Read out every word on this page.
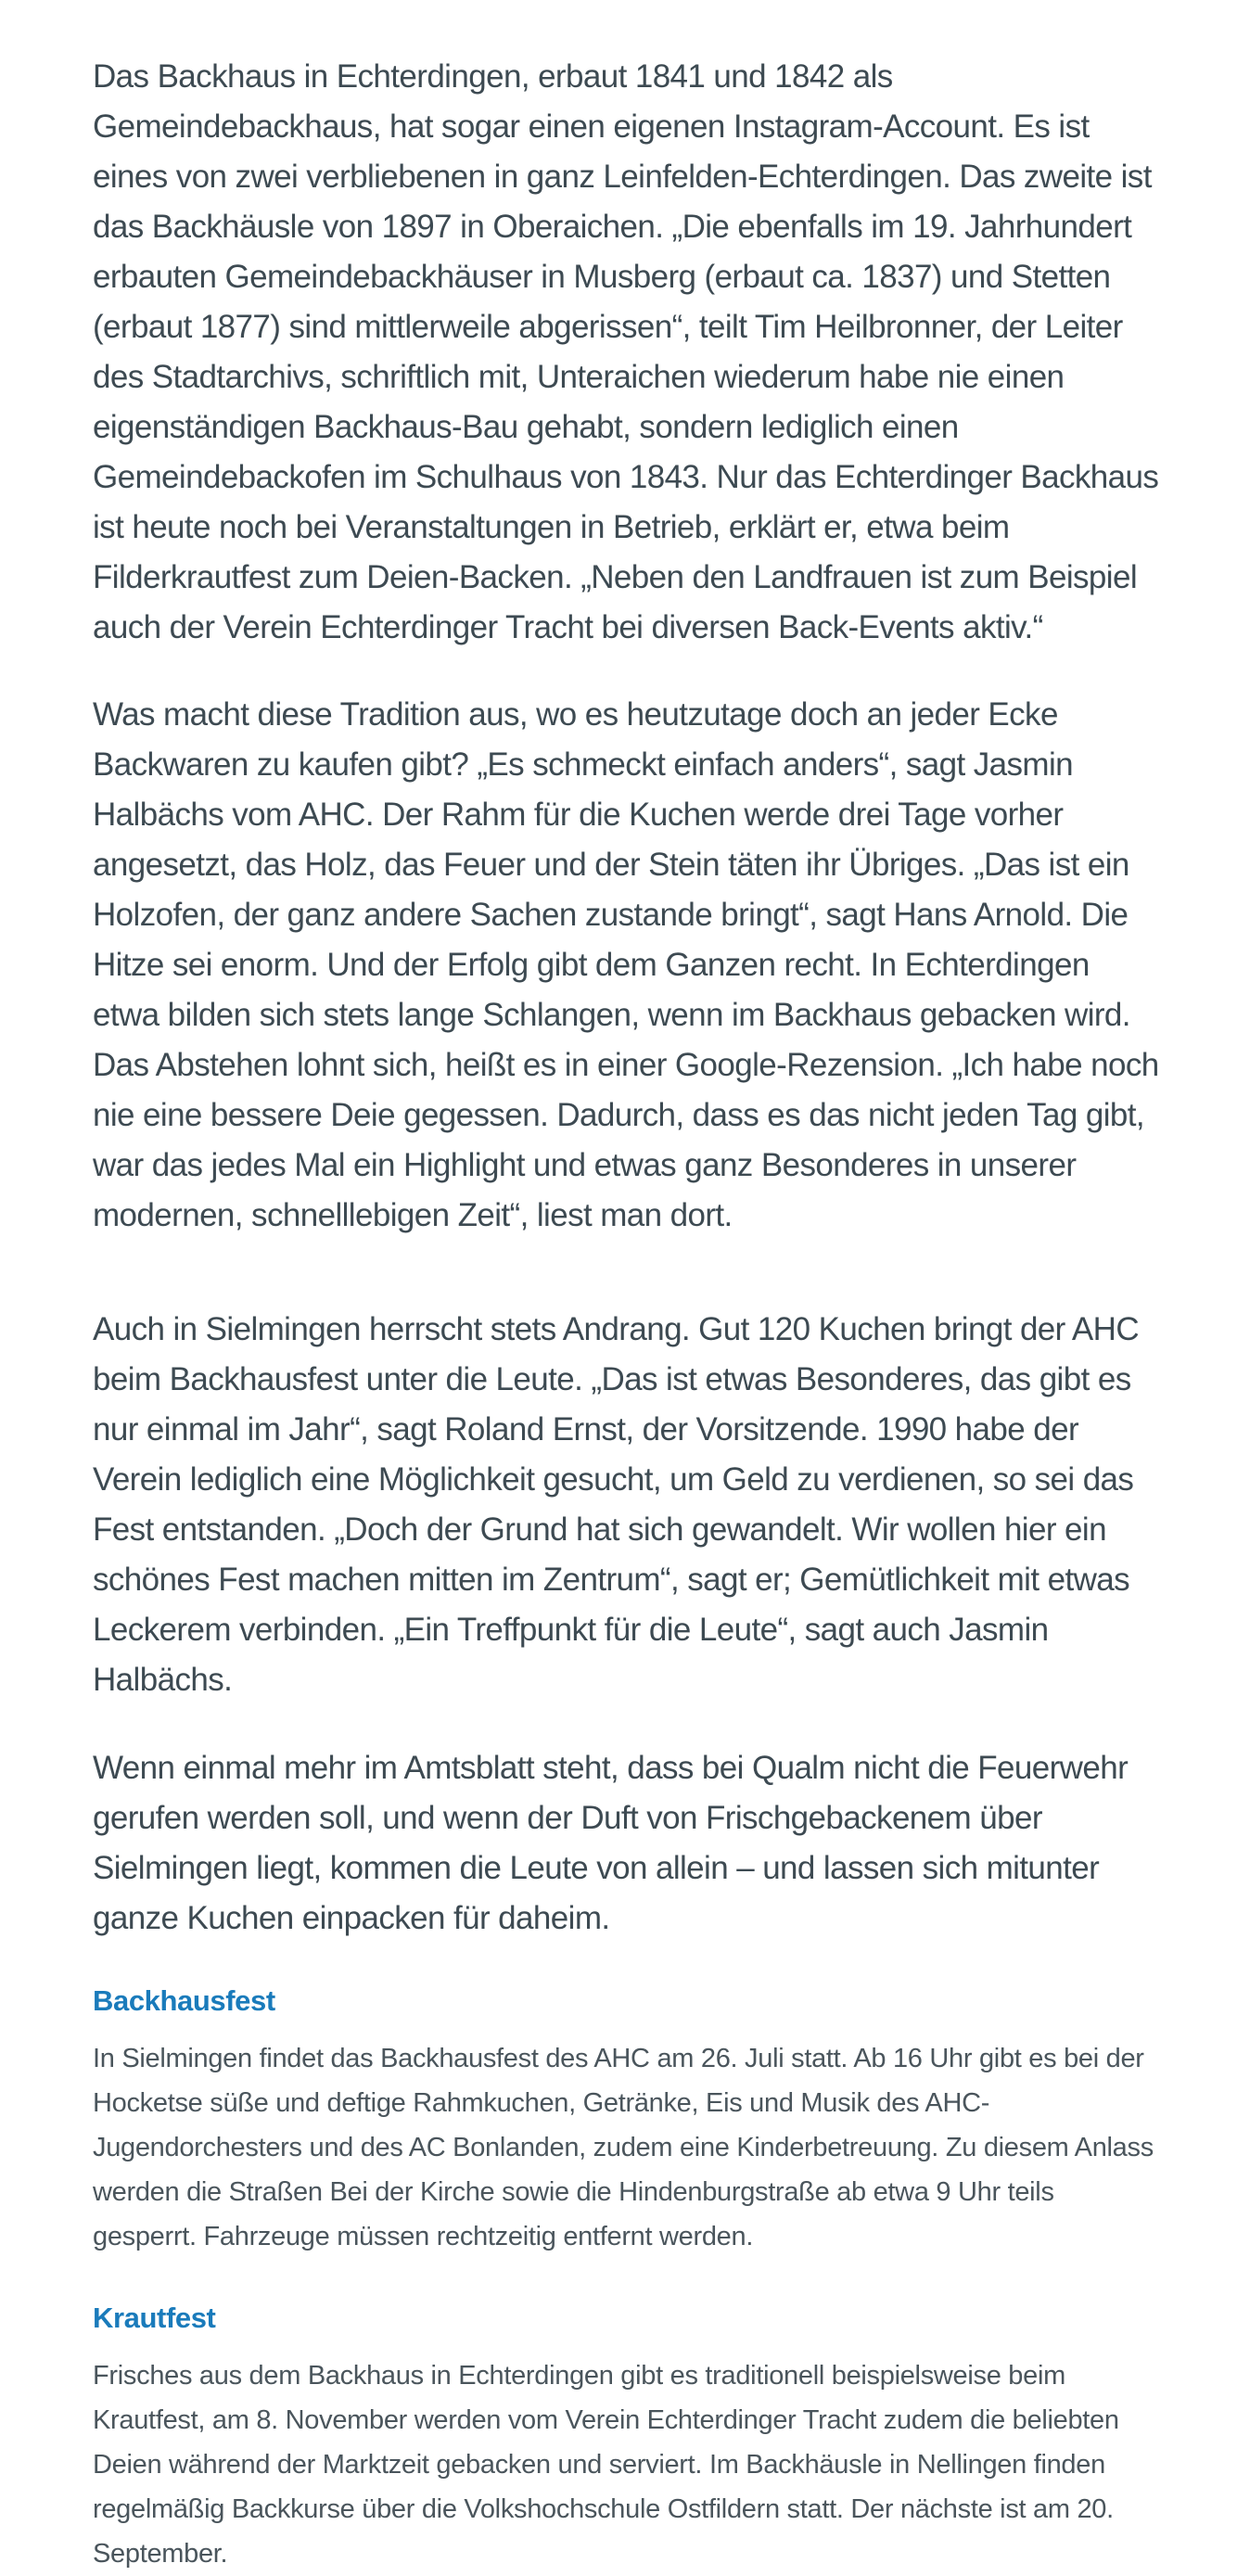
Das Backhaus in Echterdingen, erbaut 1841 und 1842 als Gemeindebackhaus, hat sogar einen eigenen Instagram-Account. Es ist eines von zwei verbliebenen in ganz Leinfelden-Echterdingen. Das zweite ist das Backhäusle von 1897 in Oberaichen. „Die ebenfalls im 19. Jahrhundert erbauten Gemeindebackhäuser in Musberg (erbaut ca. 1837) und Stetten (erbaut 1877) sind mittlerweile abgerissen“, teilt Tim Heilbronner, der Leiter des Stadtarchivs, schriftlich mit, Unteraichen wiederum habe nie einen eigenständigen Backhaus-Bau gehabt, sondern lediglich einen Gemeindebackofen im Schulhaus von 1843. Nur das Echterdinger Backhaus ist heute noch bei Veranstaltungen in Betrieb, erklärt er, etwa beim Filderkrautfest zum Deien-Backen. „Neben den Landfrauen ist zum Beispiel auch der Verein Echterdinger Tracht bei diversen Back-Events aktiv.“

Was macht diese Tradition aus, wo es heutzutage doch an jeder Ecke Backwaren zu kaufen gibt? „Es schmeckt einfach anders“, sagt Jasmin Halbächs vom AHC. Der Rahm für die Kuchen werde drei Tage vorher angesetzt, das Holz, das Feuer und der Stein täten ihr Übriges. „Das ist ein Holzofen, der ganz andere Sachen zustande bringt“, sagt Hans Arnold. Die Hitze sei enorm. Und der Erfolg gibt dem Ganzen recht. In Echterdingen etwa bilden sich stets lange Schlangen, wenn im Backhaus gebacken wird. Das Abstehen lohnt sich, heißt es in einer Google-Rezension. „Ich habe noch nie eine bessere Deie gegessen. Dadurch, dass es das nicht jeden Tag gibt, war das jedes Mal ein Highlight und etwas ganz Besonderes in unserer modernen, schnelllebigen Zeit“, liest man dort.

Auch in Sielmingen herrscht stets Andrang. Gut 120 Kuchen bringt der AHC beim Backhausfest unter die Leute. „Das ist etwas Besonderes, das gibt es nur einmal im Jahr“, sagt Roland Ernst, der Vorsitzende. 1990 habe der Verein lediglich eine Möglichkeit gesucht, um Geld zu verdienen, so sei das Fest entstanden. „Doch der Grund hat sich gewandelt. Wir wollen hier ein schönes Fest machen mitten im Zentrum“, sagt er; Gemütlichkeit mit etwas Leckerem verbinden. „Ein Treffpunkt für die Leute“, sagt auch Jasmin Halbächs.

Wenn einmal mehr im Amtsblatt steht, dass bei Qualm nicht die Feuerwehr gerufen werden soll, und wenn der Duft von Frischgebackenem über Sielmingen liegt, kommen die Leute von allein – und lassen sich mitunter ganze Kuchen einpacken für daheim.

Backhausfest

In Sielmingen findet das Backhausfest des AHC am 26. Juli statt. Ab 16 Uhr gibt es bei der Hocketse süße und deftige Rahmkuchen, Getränke, Eis und Musik des AHC-Jugendorchesters und des AC Bonlanden, zudem eine Kinderbetreuung. Zu diesem Anlass werden die Straßen Bei der Kirche sowie die Hindenburgstraße ab etwa 9 Uhr teils gesperrt. Fahrzeuge müssen rechtzeitig entfernt werden.

Krautfest

Frisches aus dem Backhaus in Echterdingen gibt es traditionell beispielsweise beim Krautfest, am 8. November werden vom Verein Echterdinger Tracht zudem die beliebten Deien während der Marktzeit gebacken und serviert. Im Backhäusle in Nellingen finden regelmäßig Backkurse über die Volkshochschule Ostfildern statt. Der nächste ist am 20. September.
